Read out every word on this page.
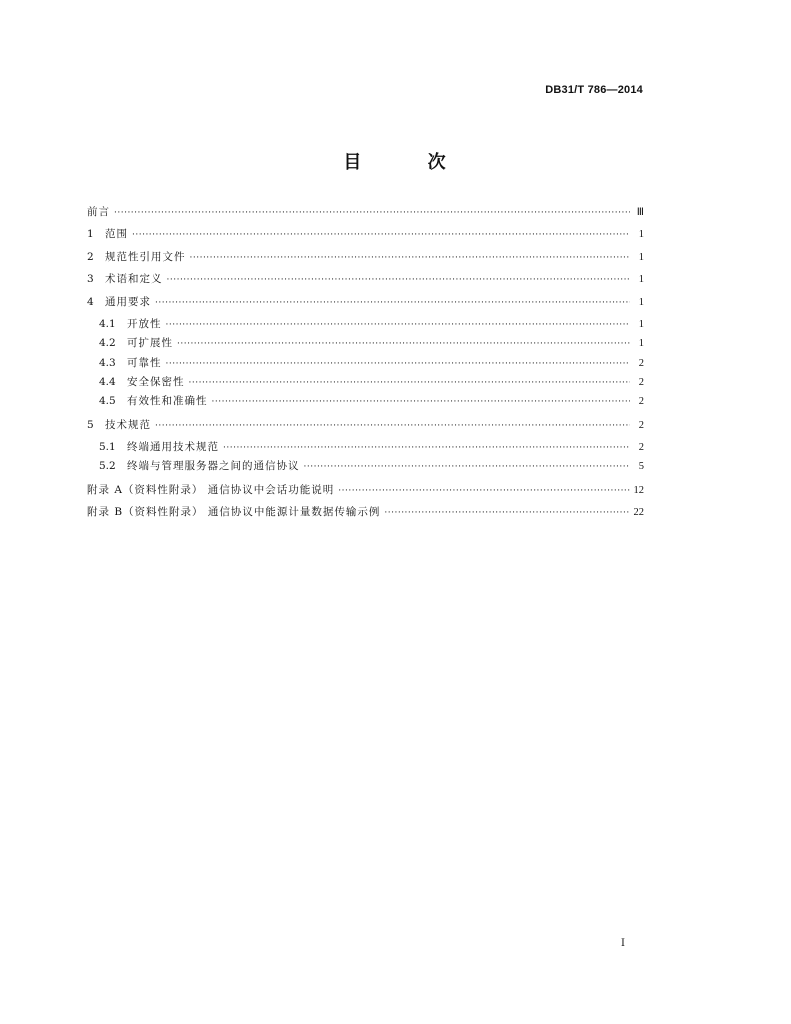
DB31/T 786—2014
目 次
前言 ·····	Ⅲ
1	范围 ·····	1
2	规范性引用文件 ·····	1
3	术语和定义 ·····	1
4	通用要求 ·····	1
4.1	开放性 ·····	1
4.2	可扩展性 ·····	1
4.3	可靠性 ·····	2
4.4	安全保密性 ·····	2
4.5	有效性和准确性 ·····	2
5	技术规范 ·····	2
5.1	终端通用技术规范 ·····	2
5.2	终端与管理服务器之间的通信协议 ·····	5
附录 A（资料性附录） 通信协议中会话功能说明 ·····	12
附录 B（资料性附录） 通信协议中能源计量数据传输示例 ·····	22
I
